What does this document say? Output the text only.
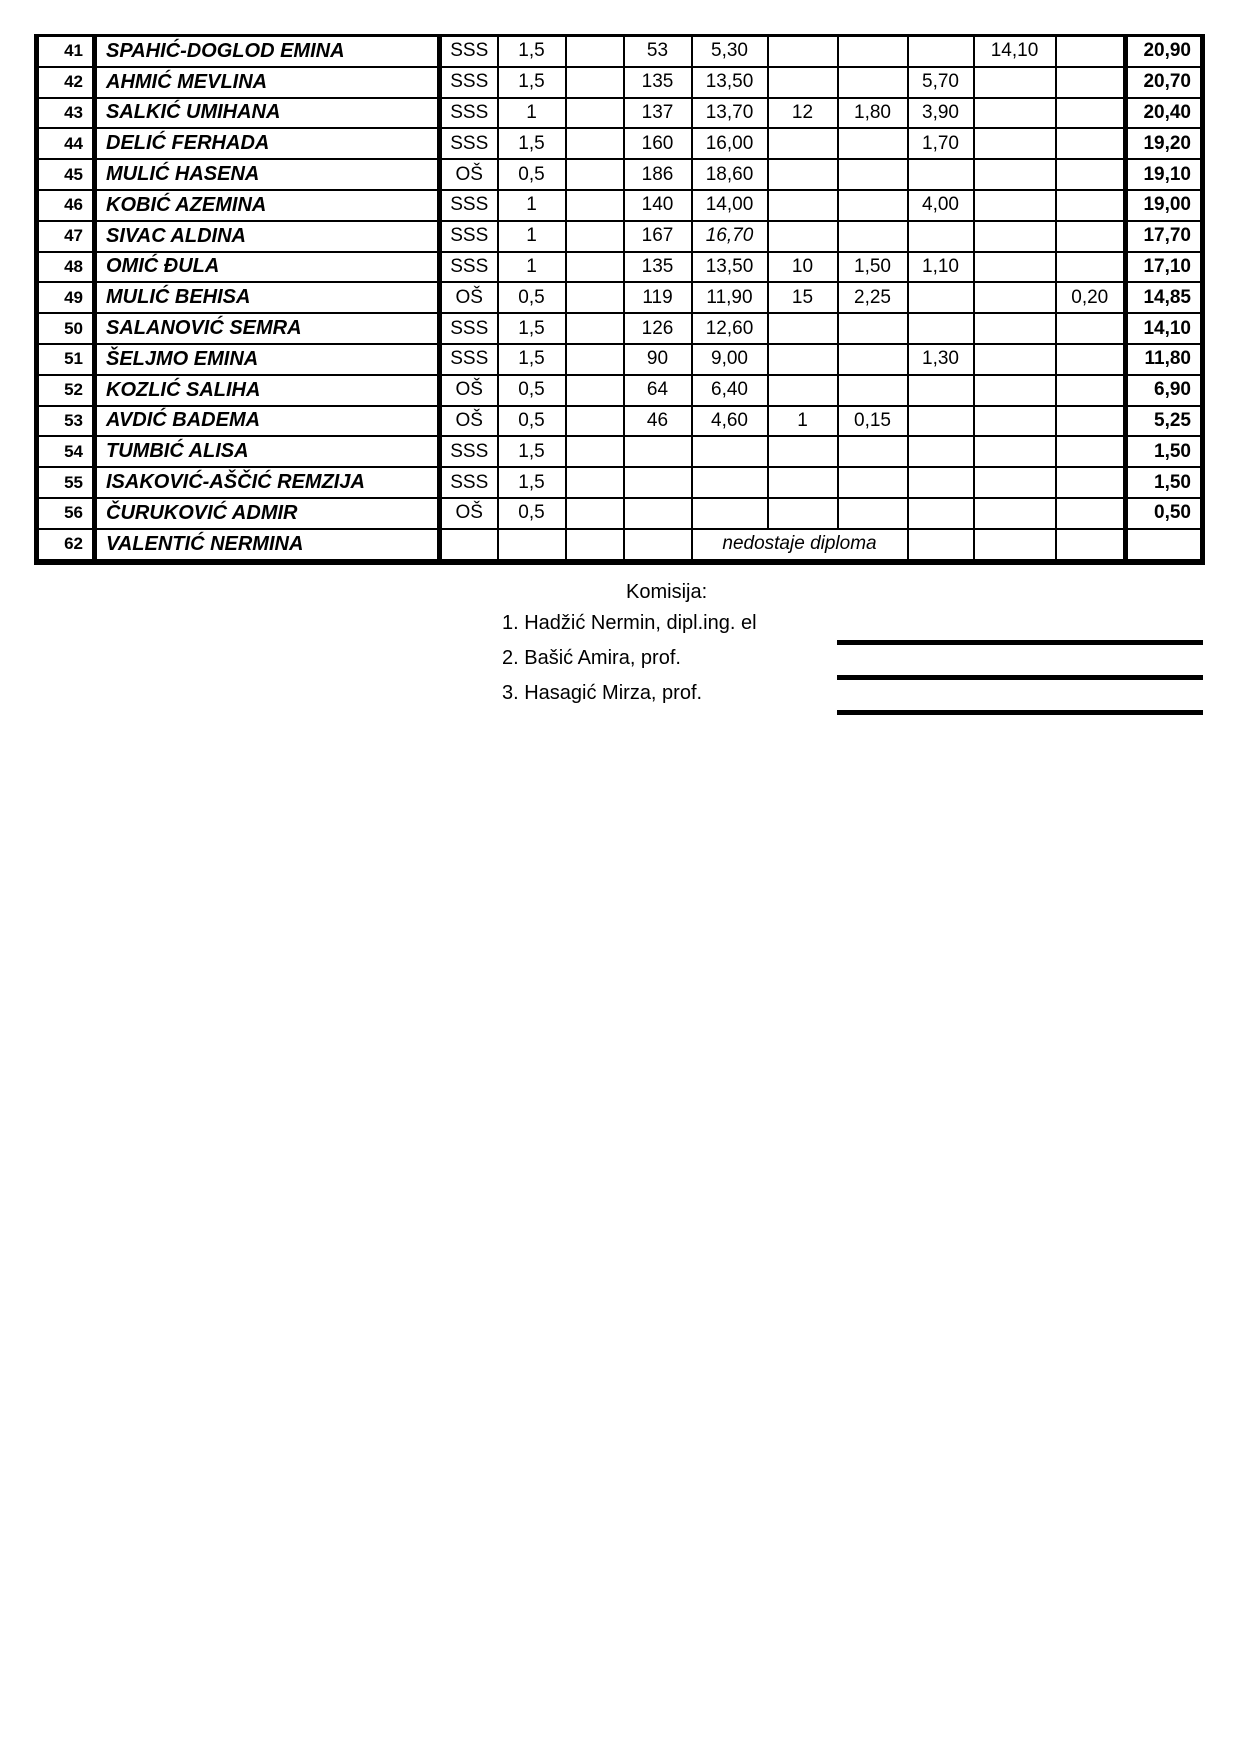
41	SPAHIĆ-DOGLOD EMINA	SSS	1,5		53	5,30				14,10		20,90
42	AHMIĆ MEVLINA	SSS	1,5		135	13,50			5,70			20,70
43	SALKIĆ UMIHANA	SSS	1		137	13,70	12	1,80	3,90			20,40
44	DELIĆ FERHADA	SSS	1,5		160	16,00			1,70			19,20
45	MULIĆ HASENA	OŠ	0,5		186	18,60						19,10
46	KOBIĆ AZEMINA	SSS	1		140	14,00			4,00			19,00
47	SIVAC ALDINA	SSS	1		167	16,70						17,70
48	OMIĆ ĐULA	SSS	1		135	13,50	10	1,50	1,10			17,10
49	MULIĆ BEHISA	OŠ	0,5		119	11,90	15	2,25			0,20	14,85
50	SALANOVIĆ SEMRA	SSS	1,5		126	12,60						14,10
51	ŠELJMO EMINA	SSS	1,5		90	9,00			1,30			11,80
52	KOZLIĆ SALIHA	OŠ	0,5		64	6,40						6,90
53	AVDIĆ BADEMA	OŠ	0,5		46	4,60	1	0,15				5,25
54	TUMBIĆ ALISA	SSS	1,5									1,50
55	ISAKOVIĆ-AŠČIĆ REMZIJA	SSS	1,5									1,50
56	ČURUKOVIĆ ADMIR	OŠ	0,5									0,50
62	VALENTIĆ NERMINA					nedostaje diploma						
Komisija:
1. Hadžić Nermin, dipl.ing. el
2. Bašić Amira, prof.
3. Hasagić Mirza, prof.
